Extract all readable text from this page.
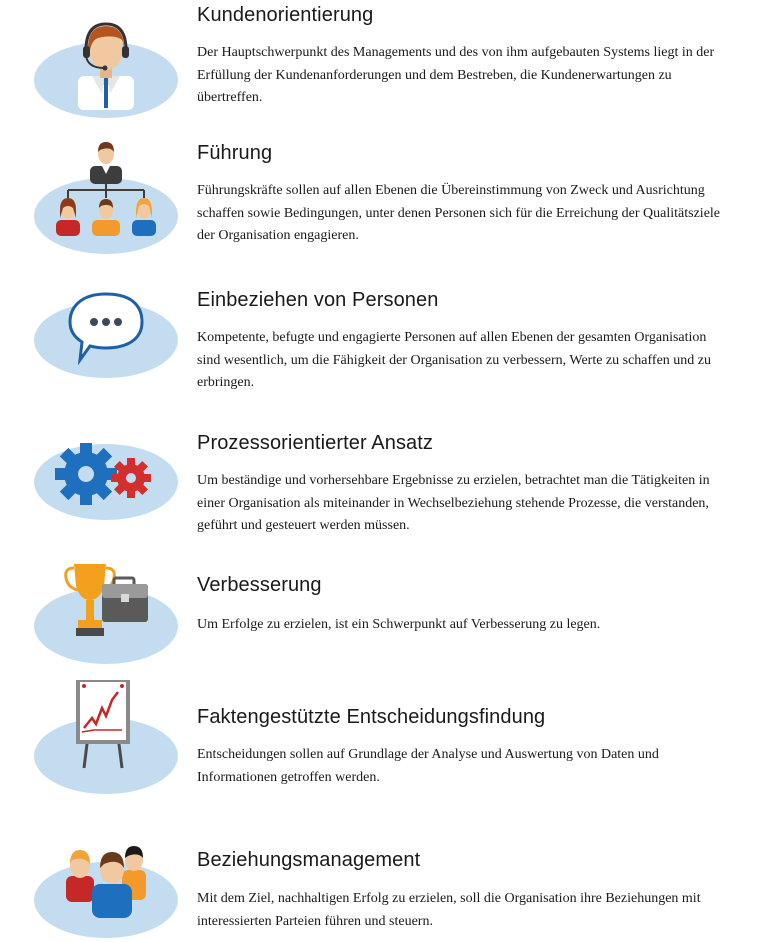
Kundenorientierung

Der Hauptschwerpunkt des Managements und des von ihm aufgebauten Systems liegt in der Erfüllung der Kundenanforderungen und dem Bestreben, die Kundenerwartungen zu übertreffen.

Führung

Führungskräfte sollen auf allen Ebenen die Übereinstimmung von Zweck und Ausrichtung schaffen sowie Bedingungen, unter denen Personen sich für die Erreichung der Qualitätsziele der Organisation engagieren.

Einbeziehen von Personen

Kompetente, befugte und engagierte Personen auf allen Ebenen der gesamten Organisation sind wesentlich, um die Fähigkeit der Organisation zu verbessern, Werte zu schaffen und zu erbringen.

Prozessorientierter Ansatz

Um beständige und vorhersehbare Ergebnisse zu erzielen, betrachtet man die Tätigkeiten in einer Organisation als miteinander in Wechselbeziehung stehende Prozesse, die verstanden, geführt und gesteuert werden müssen.

Verbesserung

Um Erfolge zu erzielen, ist ein Schwerpunkt auf Verbesserung zu legen.

Faktengestützte Entscheidungsfindung

Entscheidungen sollen auf Grundlage der Analyse und Auswertung von Daten und Informationen getroffen werden.

Beziehungsmanagement

Mit dem Ziel, nachhaltigen Erfolg zu erzielen, soll die Organisation ihre Beziehungen mit interessierten Parteien führen und steuern.
